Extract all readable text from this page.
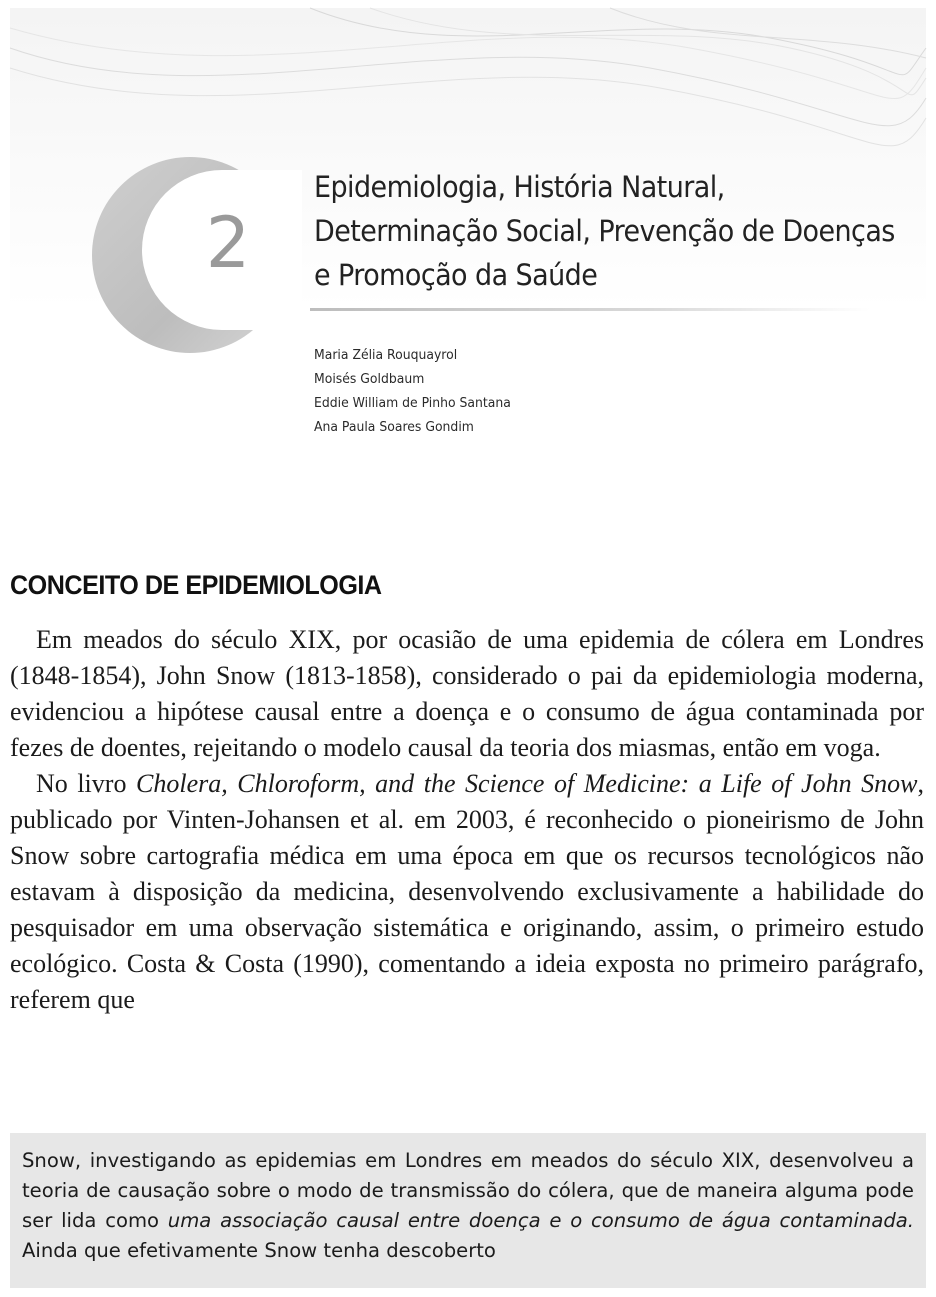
2
Epidemiologia, História Natural,
Determinação Social, Prevenção de Doenças
e Promoção da Saúde
Maria Zélia Rouquayrol
Moisés Goldbaum
Eddie William de Pinho Santana
Ana Paula Soares Gondim
CONCEITO DE EPIDEMIOLOGIA

Em meados do século XIX, por ocasião de uma epidemia de cólera em Londres (1848-1854), John Snow (1813-1858), considerado o pai da epidemiologia moderna, evidenciou a hipótese causal entre a doença e o consumo de água contaminada por fezes de doentes, rejeitando o modelo causal da teoria dos miasmas, então em voga.

No livro Cholera, Chloroform, and the Science of Medicine: a Life of John Snow, publicado por Vinten-Johansen et al. em 2003, é reconhecido o pioneirismo de John Snow sobre cartografia médica em uma época em que os recursos tecnológicos não estavam à disposição da medicina, desenvolvendo exclusivamente a habilidade do pesquisador em uma observação sistemática e originando, assim, o primeiro estudo ecológico. Costa & Costa (1990), comentando a ideia exposta no primeiro parágrafo, referem que

Snow, investigando as epidemias em Londres em meados do século XIX, desenvolveu a teoria de causação sobre o modo de transmissão do cólera, que de maneira alguma pode ser lida como uma associação causal entre doença e o consumo de água contaminada. Ainda que efetivamente Snow tenha descoberto
